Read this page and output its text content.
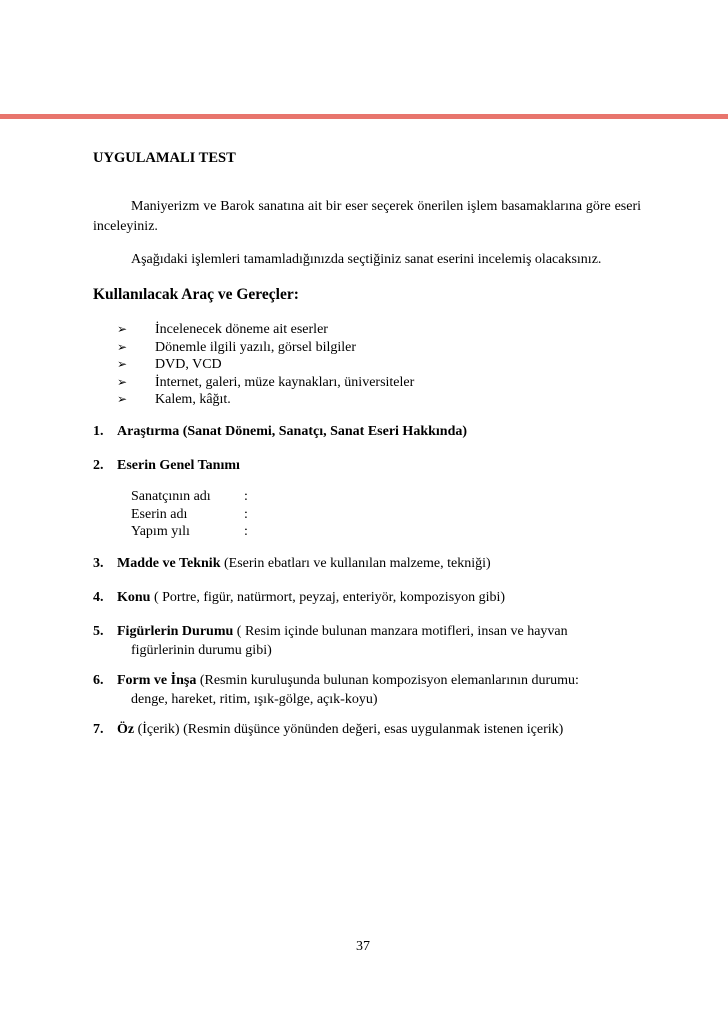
UYGULAMALI TEST
Maniyerizm ve Barok sanatına ait bir eser seçerek önerilen işlem basamaklarına göre eseri inceleyiniz.
Aşağıdaki işlemleri tamamladığınızda seçtiğiniz sanat eserini incelemiş olacaksınız.
Kullanılacak Araç ve Gereçler:
➢	İncelenecek döneme ait eserler
➢	Dönemle ilgili yazılı, görsel bilgiler
➢	DVD, VCD
➢	İnternet, galeri, müze kaynakları, üniversiteler
➢	Kalem, kâğıt.
1. Araştırma (Sanat Dönemi, Sanatçı, Sanat Eseri Hakkında)
2. Eserin Genel Tanımı
Sanatçının adı	:
Eserin adı	:
Yapım yılı	:
3. Madde ve Teknik (Eserin ebatları ve kullanılan malzeme, tekniği)
4. Konu ( Portre, figür, natürmort, peyzaj, enteriyör, kompozisyon gibi)
5. Figürlerin Durumu ( Resim içinde bulunan manzara motifleri, insan ve hayvan
figürlerinin durumu gibi)
6. Form ve İnşa (Resmin kuruluşunda bulunan kompozisyon elemanlarının durumu:
denge, hareket, ritim, ışık-gölge, açık-koyu)
7. Öz (İçerik) (Resmin düşünce yönünden değeri, esas uygulanmak istenen içerik)
37
